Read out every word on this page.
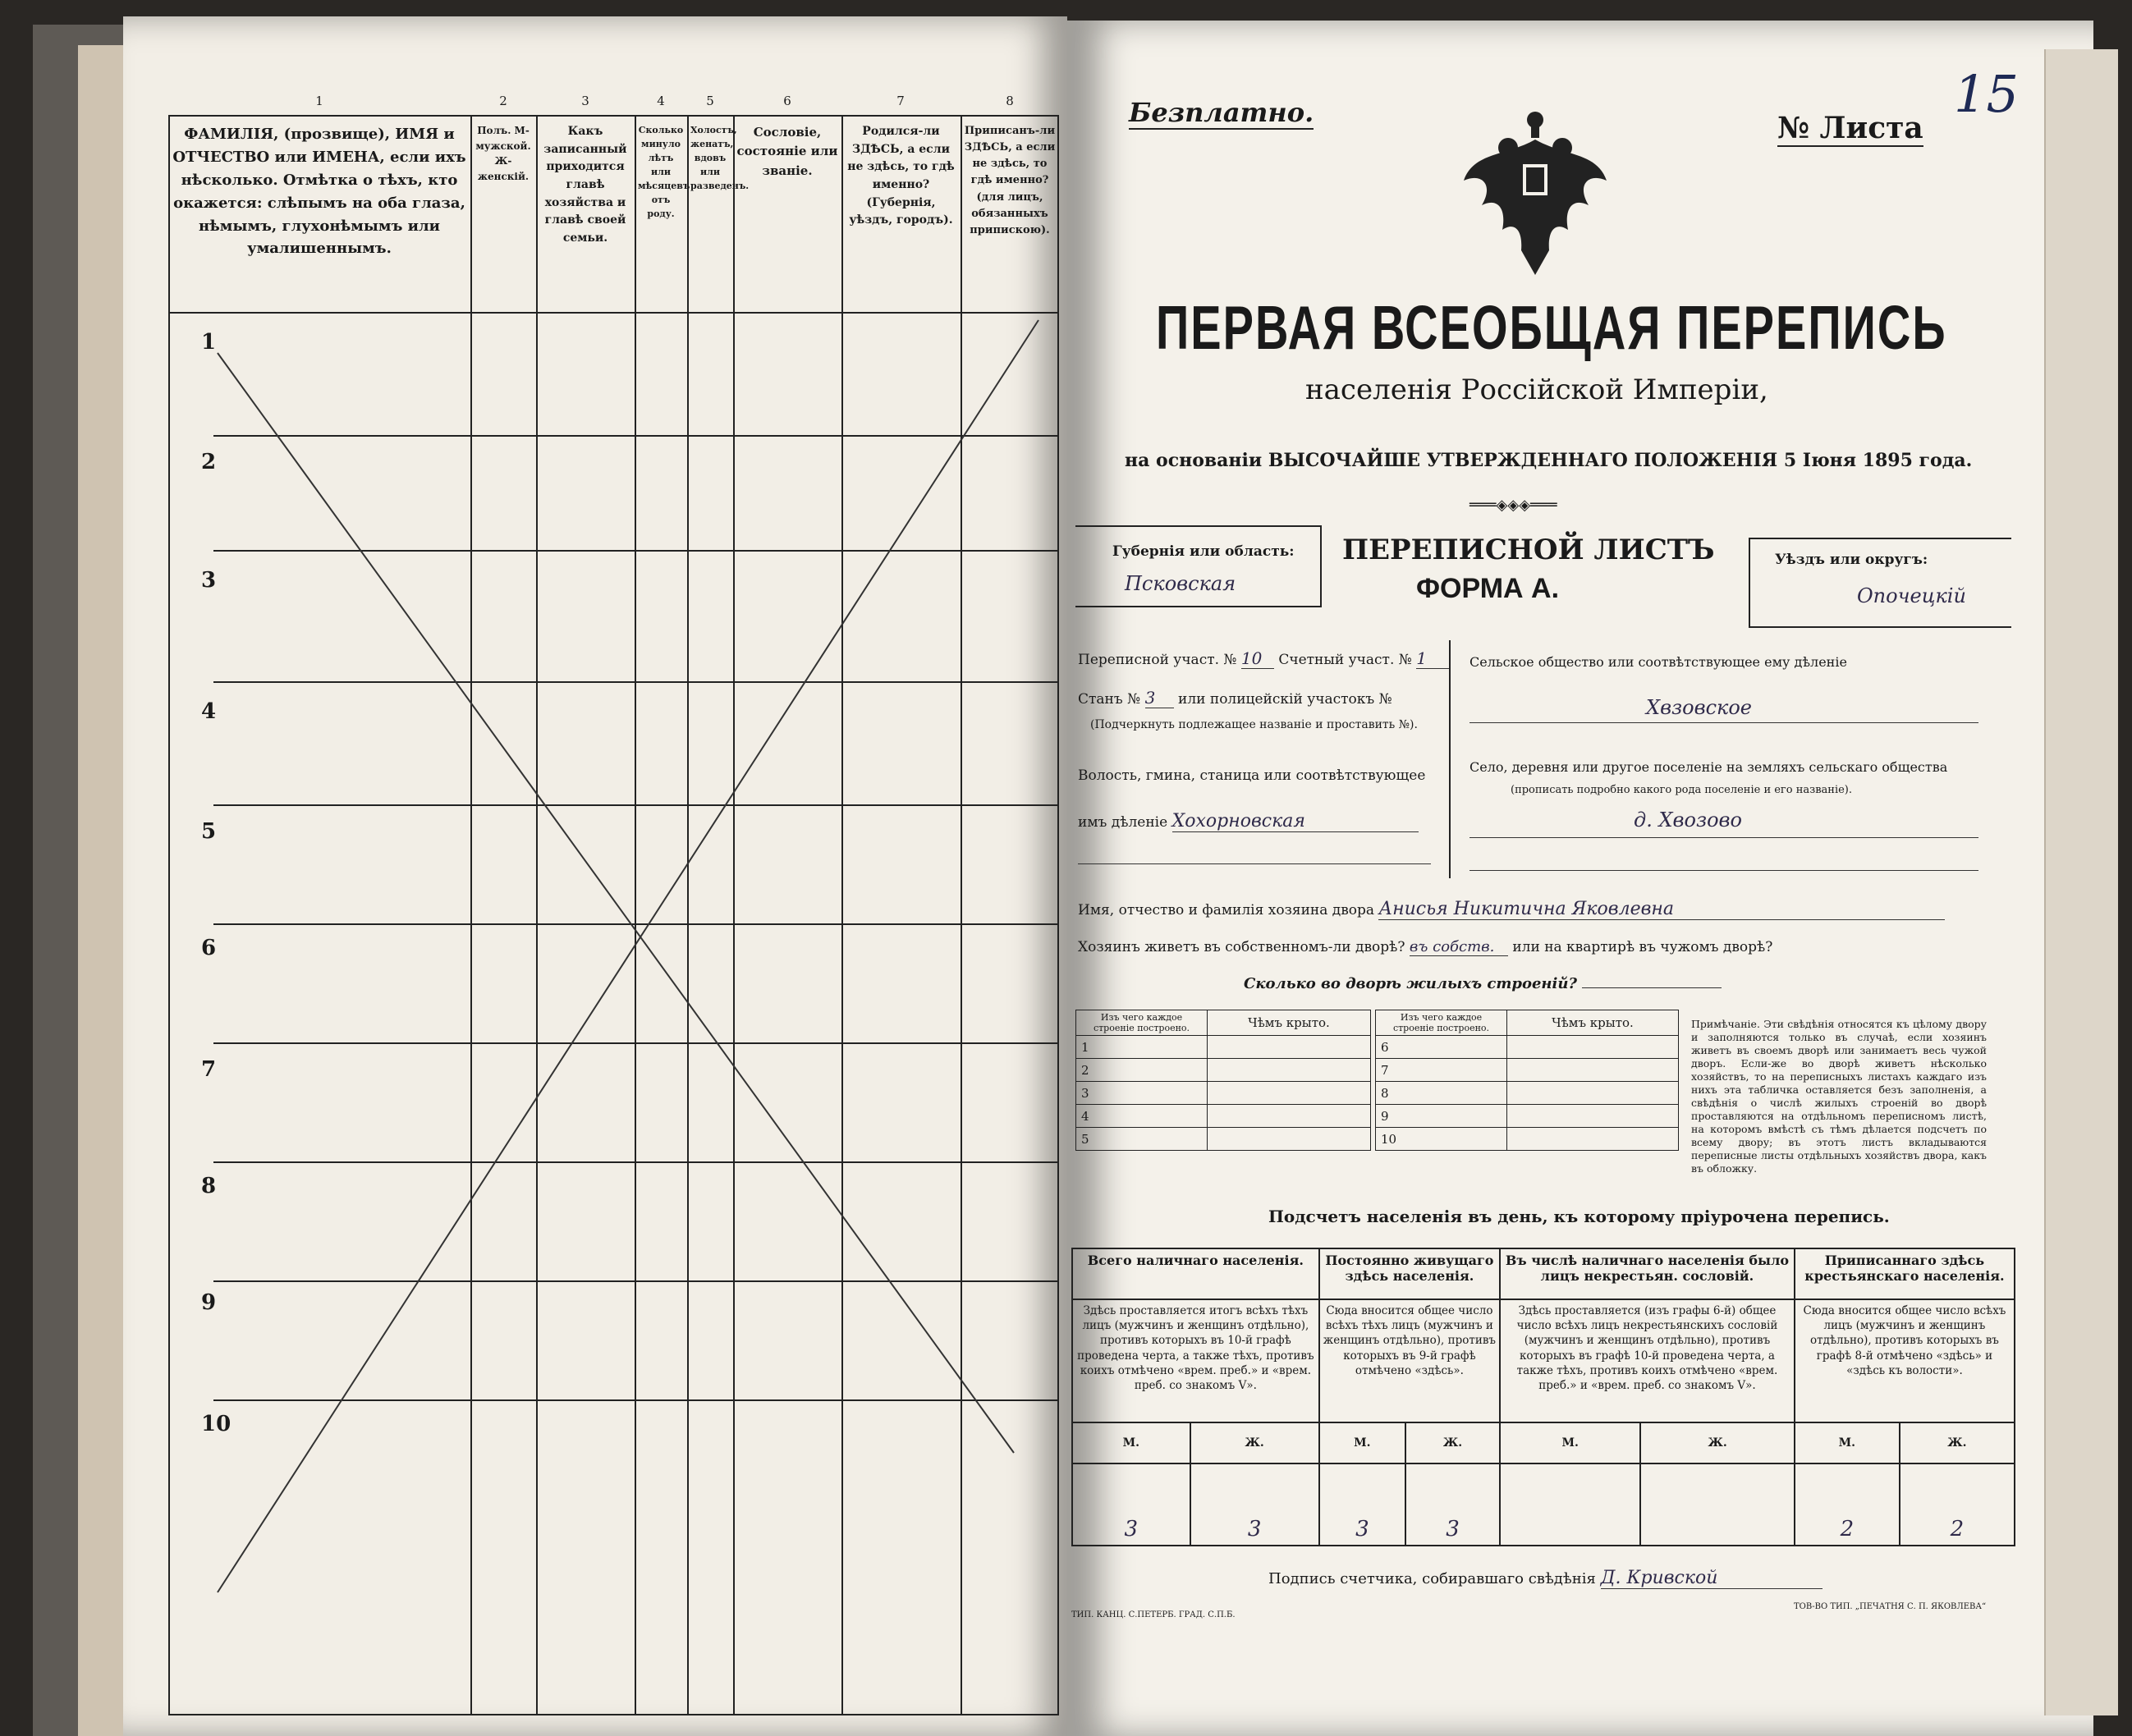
1	2	3	4	5	6	7	8
ФАМИЛІЯ, (прозвище), ИМЯ и ОТЧЕСТВО или ИМЕНА, если ихъ нѣсколько. Отмѣтка о тѣхъ, кто окажется: слѣпымъ на оба глаза, нѣмымъ, глухонѣмымъ или умалишеннымъ.
Полъ. М-мужской. Ж-женскій.
Какъ записанный приходится главѣ хозяйства и главѣ своей семьи.
Сколько минуло лѣтъ или мѣсяцевъ отъ роду.
Холостъ, женатъ, вдовъ или разведенъ.
Сословіе, состояніе или званіе.
Родился-ли ЗДѢСЬ, а если не здѣсь, то гдѣ именно? (Губернія, уѣздъ, городъ).
Приписанъ-ли ЗДѢСЬ, а если не здѣсь, то гдѣ именно? (для лицъ, обязанныхъ припискою).
1
2
3
4
5
6
7
8
9
10
Безплатно.	№ Листа
15
ПЕРВАЯ ВСЕОБЩАЯ ПЕРЕПИСЬ
населенія Россійской Имперіи,
на основаніи ВЫСОЧАЙШЕ УТВЕРЖДЕННАГО ПОЛОЖЕНІЯ 5 Іюня 1895 года.
═══◈◈◈═══
Губернія или область:
Псковская
ПЕРЕПИСНОЙ ЛИСТЪ
ФОРМА А.
Уѣздъ или округъ:
Опочецкій
Переписной участ. № 10 Счетный участ. № 1
Станъ № 3 или полицейскій участокъ №
(Подчеркнуть подлежащее названіе и проставить №).
Волость, гмина, станица или соотвѣтствующее
имъ дѣленіе Хохорновская
Сельское общество или соотвѣтствующее ему дѣленіе
Хвзовское
Село, деревня или другое поселеніе на земляхъ сельскаго общества
(прописать подробно какого рода поселеніе и его названіе).
д. Хвозово
Имя, отчество и фамилія хозяина двора Анисья Никитична Яковлевна
Хозяинъ живетъ въ собственномъ-ли дворѣ? въ собств. или на квартирѣ въ чужомъ дворѣ?
Сколько во дворѣ жилыхъ строеній?
Изъ чего каждое строеніе построено.	Чѣмъ крыто.
1	
2	
3	
4	
5	
Изъ чего каждое строеніе построено.	Чѣмъ крыто.
6	
7	
8	
9	
10	
Примѣчаніе. Эти свѣдѣнія относятся къ цѣлому двору и заполняются только въ случаѣ, если хозяинъ живетъ въ своемъ дворѣ или занимаетъ весь чужой дворъ. Если-же во дворѣ живетъ нѣсколько хозяйствъ, то на переписныхъ листахъ каждаго изъ нихъ эта табличка оставляется безъ заполненія, а свѣдѣнія о числѣ жилыхъ строеній во дворѣ проставляются на отдѣльномъ переписномъ листѣ, на которомъ вмѣстѣ съ тѣмъ дѣлается подсчетъ по всему двору; въ этотъ листъ вкладываются переписные листы отдѣльныхъ хозяйствъ двора, какъ въ обложку.
Подсчетъ населенія въ день, къ которому пріурочена перепись.
Всего наличнаго населенія.		Постоянно живущаго здѣсь населенія.		Въ числѣ наличнаго населенія было лицъ некрестьян. сословій.		Приписаннаго здѣсь крестьянскаго населенія.	
Здѣсь проставляется итогъ всѣхъ тѣхъ лицъ (мужчинъ и женщинъ отдѣльно), противъ которыхъ въ 10-й графѣ проведена черта, а также тѣхъ, противъ коихъ отмѣчено «врем. преб.» и «врем. преб. со знакомъ V».		Сюда вносится общее число всѣхъ тѣхъ лицъ (мужчинъ и женщинъ отдѣльно), противъ которыхъ въ 9-й графѣ отмѣчено «здѣсь».		Здѣсь проставляется (изъ графы 6-й) общее число всѣхъ лицъ некрестьянскихъ сословій (мужчинъ и женщинъ отдѣльно), противъ которыхъ въ графѣ 10-й проведена черта, а также тѣхъ, противъ коихъ отмѣчено «врем. преб.» и «врем. преб. со знакомъ V».		Сюда вносится общее число всѣхъ лицъ (мужчинъ и женщинъ отдѣльно), противъ которыхъ въ графѣ 8-й отмѣчено «здѣсь» и «здѣсь къ волости».	
М.	Ж.	М.	Ж.	М.	Ж.	М.	Ж.
3	3	3	3			2	2
Подпись счетчика, собиравшаго свѣдѣнія Д. Кривской
ТИП. КАНЦ. С.ПЕТЕРБ. ГРАД. С.П.Б.
ТОВ-ВО ТИП. „ПЕЧАТНЯ С. П. ЯКОВЛЕВА“
